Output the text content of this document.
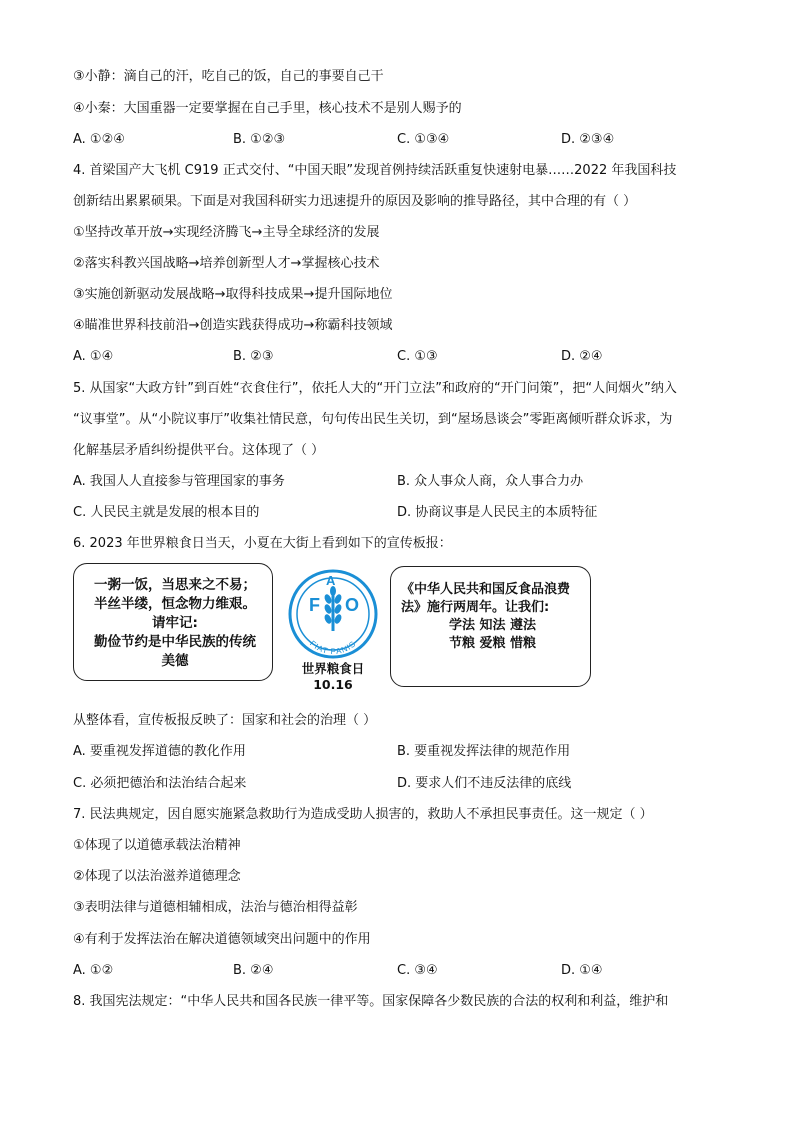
③小静：滴自己的汗，吃自己的饭，自己的事要自己干
④小秦：大国重器一定要掌握在自己手里，核心技术不是别人赐予的
A. ①②④	B. ①②③	C. ①③④	D. ②③④
4. 首梁国产大飞机 C919 正式交付、“中国天眼”发现首例持续活跃重复快速射电暴……2022 年我国科技
创新结出累累硕果。下面是对我国科研实力迅速提升的原因及影响的推导路径，其中合理的有（ ）
①坚持改革开放→实现经济腾飞→主导全球经济的发展
②落实科教兴国战略→培养创新型人才→掌握核心技术
③实施创新驱动发展战略→取得科技成果→提升国际地位
④瞄准世界科技前沿→创造实践获得成功→称霸科技领域
A. ①④	B. ②③	C. ①③	D. ②④
5. 从国家“大政方针”到百姓“衣食住行”，依托人大的“开门立法”和政府的“开门问策”，把“人间烟火”纳入
“议事堂”。从“小院议事厅”收集社情民意，句句传出民生关切，到“屋场恳谈会”零距离倾听群众诉求，为
化解基层矛盾纠纷提供平台。这体现了（ ）
A. 我国人人直接参与管理国家的事务	B. 众人事众人商，众人事合力办
C. 人民民主就是发展的根本目的	D. 协商议事是人民民主的本质特征
6. 2023 年世界粮食日当天，小夏在大街上看到如下的宣传板报：
一粥一饭，当思来之不易；
半丝半缕，恒念物力维艰。
请牢记:
勤俭节约是中华民族的传统
美德
F
A
O
FIAT PANIS
世界粮食日
10.16
《中华人民共和国反食品浪费
法》施行两周年。让我们:
学法 知法 遵法
节粮 爱粮 惜粮
从整体看，宣传板报反映了：国家和社会的治理（ ）
A. 要重视发挥道德的教化作用	B. 要重视发挥法律的规范作用
C. 必须把德治和法治结合起来	D. 要求人们不违反法律的底线
7. 民法典规定，因自愿实施紧急救助行为造成受助人损害的，救助人不承担民事责任。这一规定（ ）
①体现了以道德承载法治精神
②体现了以法治滋养道德理念
③表明法律与道德相辅相成，法治与德治相得益彰
④有利于发挥法治在解决道德领域突出问题中的作用
A. ①②	B. ②④	C. ③④	D. ①④
8. 我国宪法规定：“中华人民共和国各民族一律平等。国家保障各少数民族的合法的权利和利益，维护和
